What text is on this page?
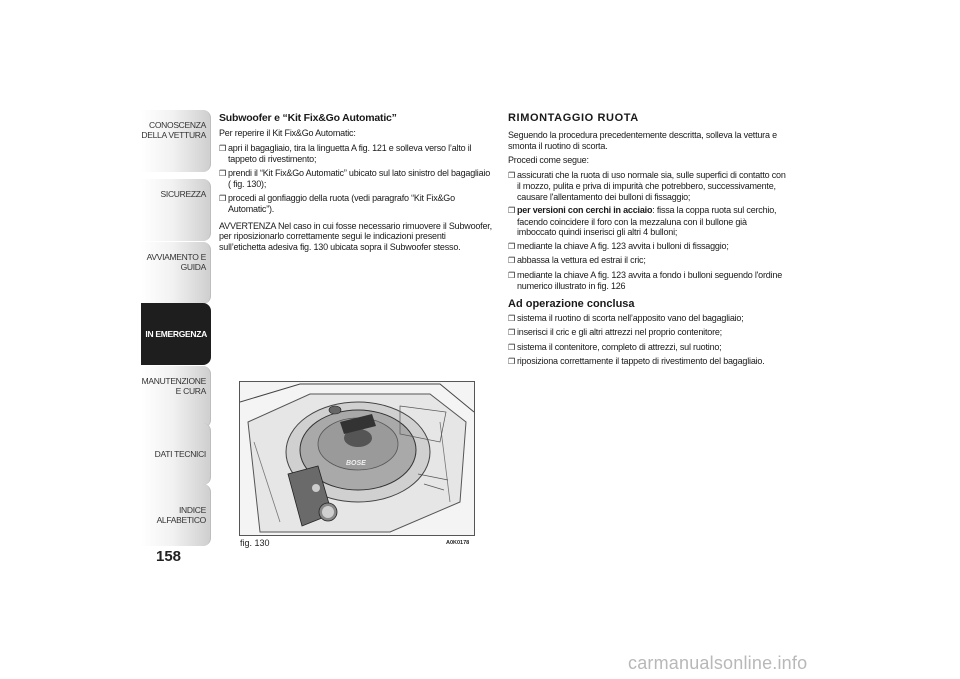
CONOSCENZA DELLA VETTURA
SICUREZZA
AVVIAMENTO E GUIDA
IN EMERGENZA
MANUTENZIONE E CURA
DATI TECNICI
INDICE ALFABETICO
158
Subwoofer e “Kit Fix&Go Automatic”

Per reperire il Kit Fix&Go Automatic:

❒ apri il bagagliaio, tira la linguetta A fig. 121 e solleva verso l’alto il tappeto di rivestimento;
❒ prendi il “Kit Fix&Go Automatic” ubicato sul lato sinistro del bagagliaio ( fig. 130);
❒ procedi al gonfiaggio della ruota (vedi paragrafo “Kit Fix&Go Automatic”).

AVVERTENZA Nel caso in cui fosse necessario rimuovere il Subwoofer, per riposizionarlo correttamente segui le indicazioni presenti sull’etichetta adesiva fig. 130 ubicata sopra il Subwoofer stesso.

BOSE
fig. 130	A0K0178
RIMONTAGGIO RUOTA

Seguendo la procedura precedentemente descritta, solleva la vettura e smonta il ruotino di scorta.

Procedi come segue:

❒ assicurati che la ruota di uso normale sia, sulle superfici di contatto con il mozzo, pulita e priva di impurità che potrebbero, successivamente, causare l'allentamento dei bulloni di fissaggio;
❒ per versioni con cerchi in acciaio: fissa la coppa ruota sul cerchio, facendo coincidere il foro con la mezzaluna con il bullone già imboccato quindi inserisci gli altri 4 bulloni;
❒ mediante la chiave A fig. 123 avvita i bulloni di fissaggio;
❒ abbassa la vettura ed estrai il cric;
❒ mediante la chiave A fig. 123 avvita a fondo i bulloni seguendo l'ordine numerico illustrato in fig. 126
Ad operazione conclusa
❒ sistema il ruotino di scorta nell’apposito vano del bagagliaio;
❒ inserisci il cric e gli altri attrezzi nel proprio contenitore;
❒ sistema il contenitore, completo di attrezzi, sul ruotino;
❒ riposiziona correttamente il tappeto di rivestimento del bagagliaio.
carmanualsonline.info
